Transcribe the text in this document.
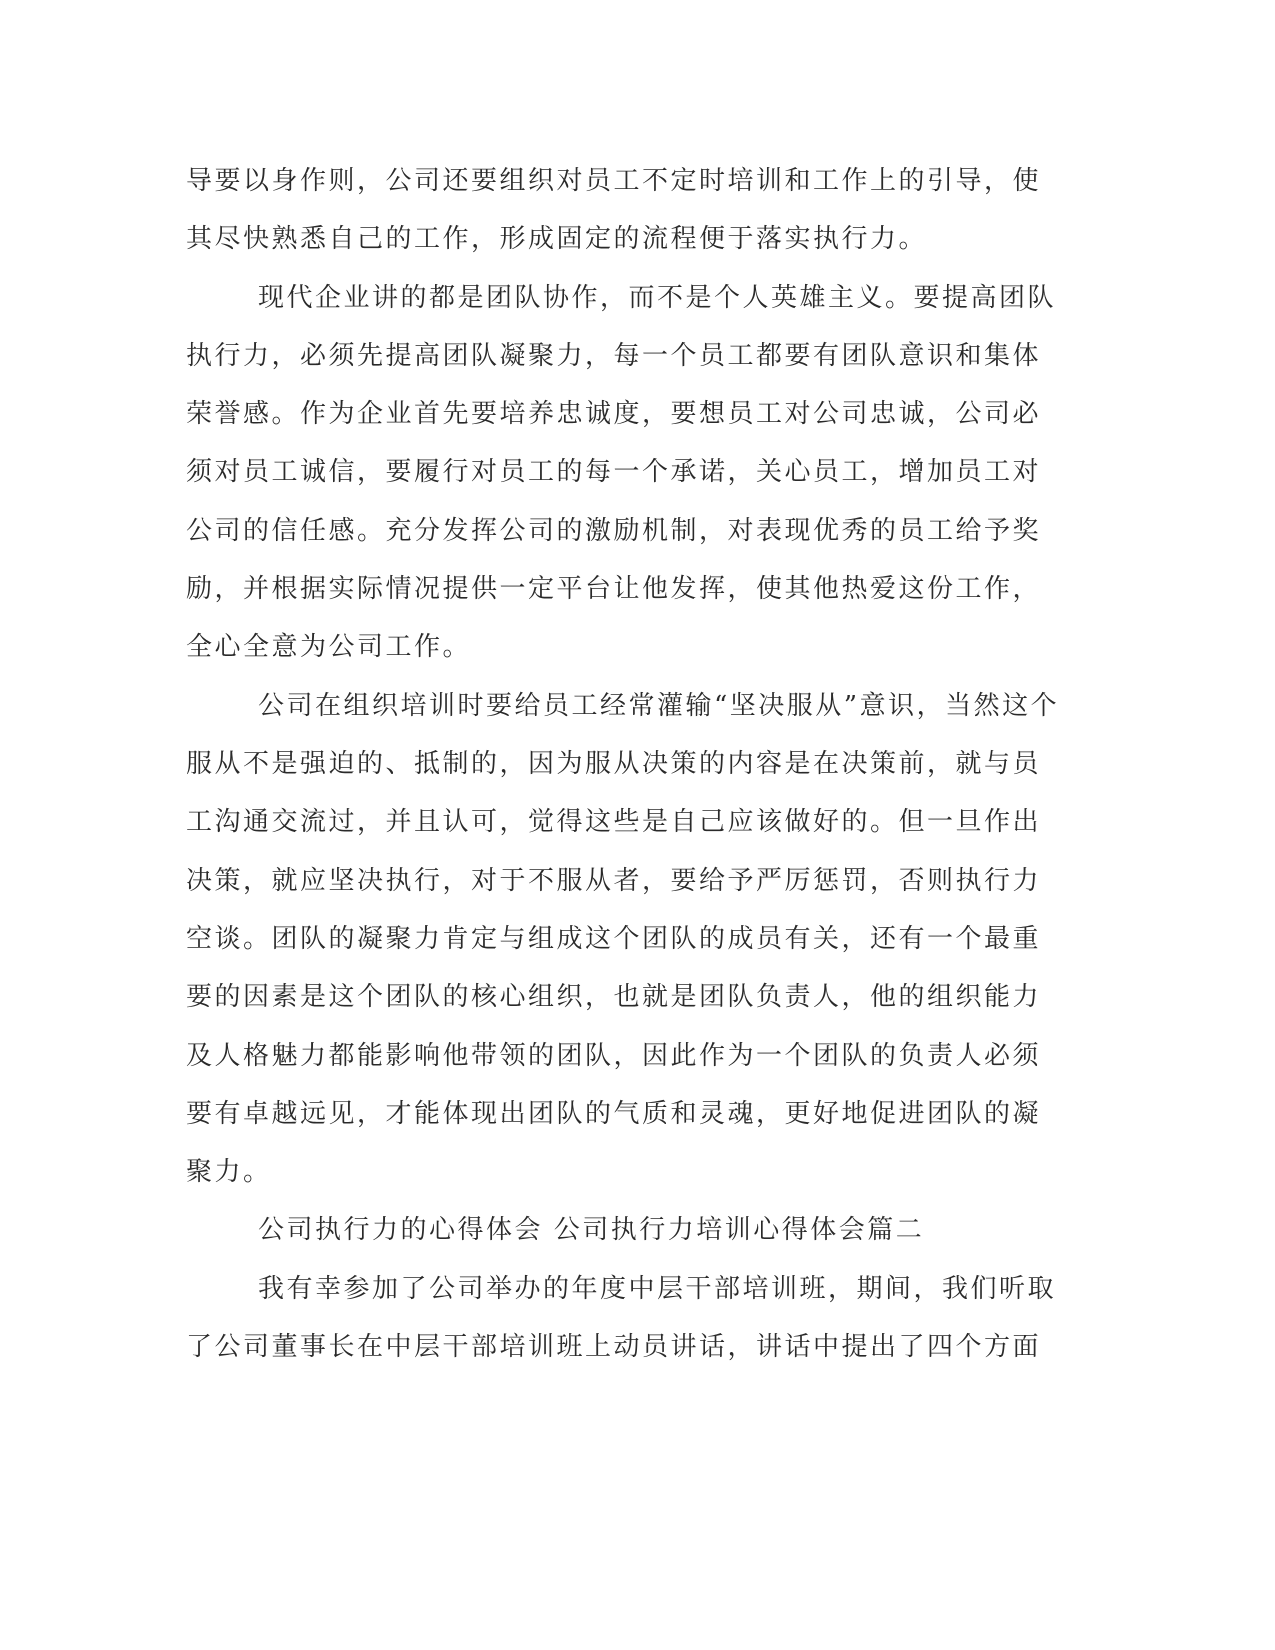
导要以身作则，公司还要组织对员工不定时培训和工作上的引导，使
其尽快熟悉自己的工作，形成固定的流程便于落实执行力。
现代企业讲的都是团队协作，而不是个人英雄主义。要提高团队
执行力，必须先提高团队凝聚力，每一个员工都要有团队意识和集体
荣誉感。作为企业首先要培养忠诚度，要想员工对公司忠诚，公司必
须对员工诚信，要履行对员工的每一个承诺，关心员工，增加员工对
公司的信任感。充分发挥公司的激励机制，对表现优秀的员工给予奖
励，并根据实际情况提供一定平台让他发挥，使其他热爱这份工作，
全心全意为公司工作。
公司在组织培训时要给员工经常灌输“坚决服从”意识，当然这个
服从不是强迫的、抵制的，因为服从决策的内容是在决策前，就与员
工沟通交流过，并且认可，觉得这些是自己应该做好的。但一旦作出
决策，就应坚决执行，对于不服从者，要给予严厉惩罚，否则执行力
空谈。团队的凝聚力肯定与组成这个团队的成员有关，还有一个最重
要的因素是这个团队的核心组织，也就是团队负责人，他的组织能力
及人格魅力都能影响他带领的团队，因此作为一个团队的负责人必须
要有卓越远见，才能体现出团队的气质和灵魂，更好地促进团队的凝
聚力。
公司执行力的心得体会 公司执行力培训心得体会篇二
我有幸参加了公司举办的年度中层干部培训班，期间，我们听取
了公司董事长在中层干部培训班上动员讲话，讲话中提出了四个方面
